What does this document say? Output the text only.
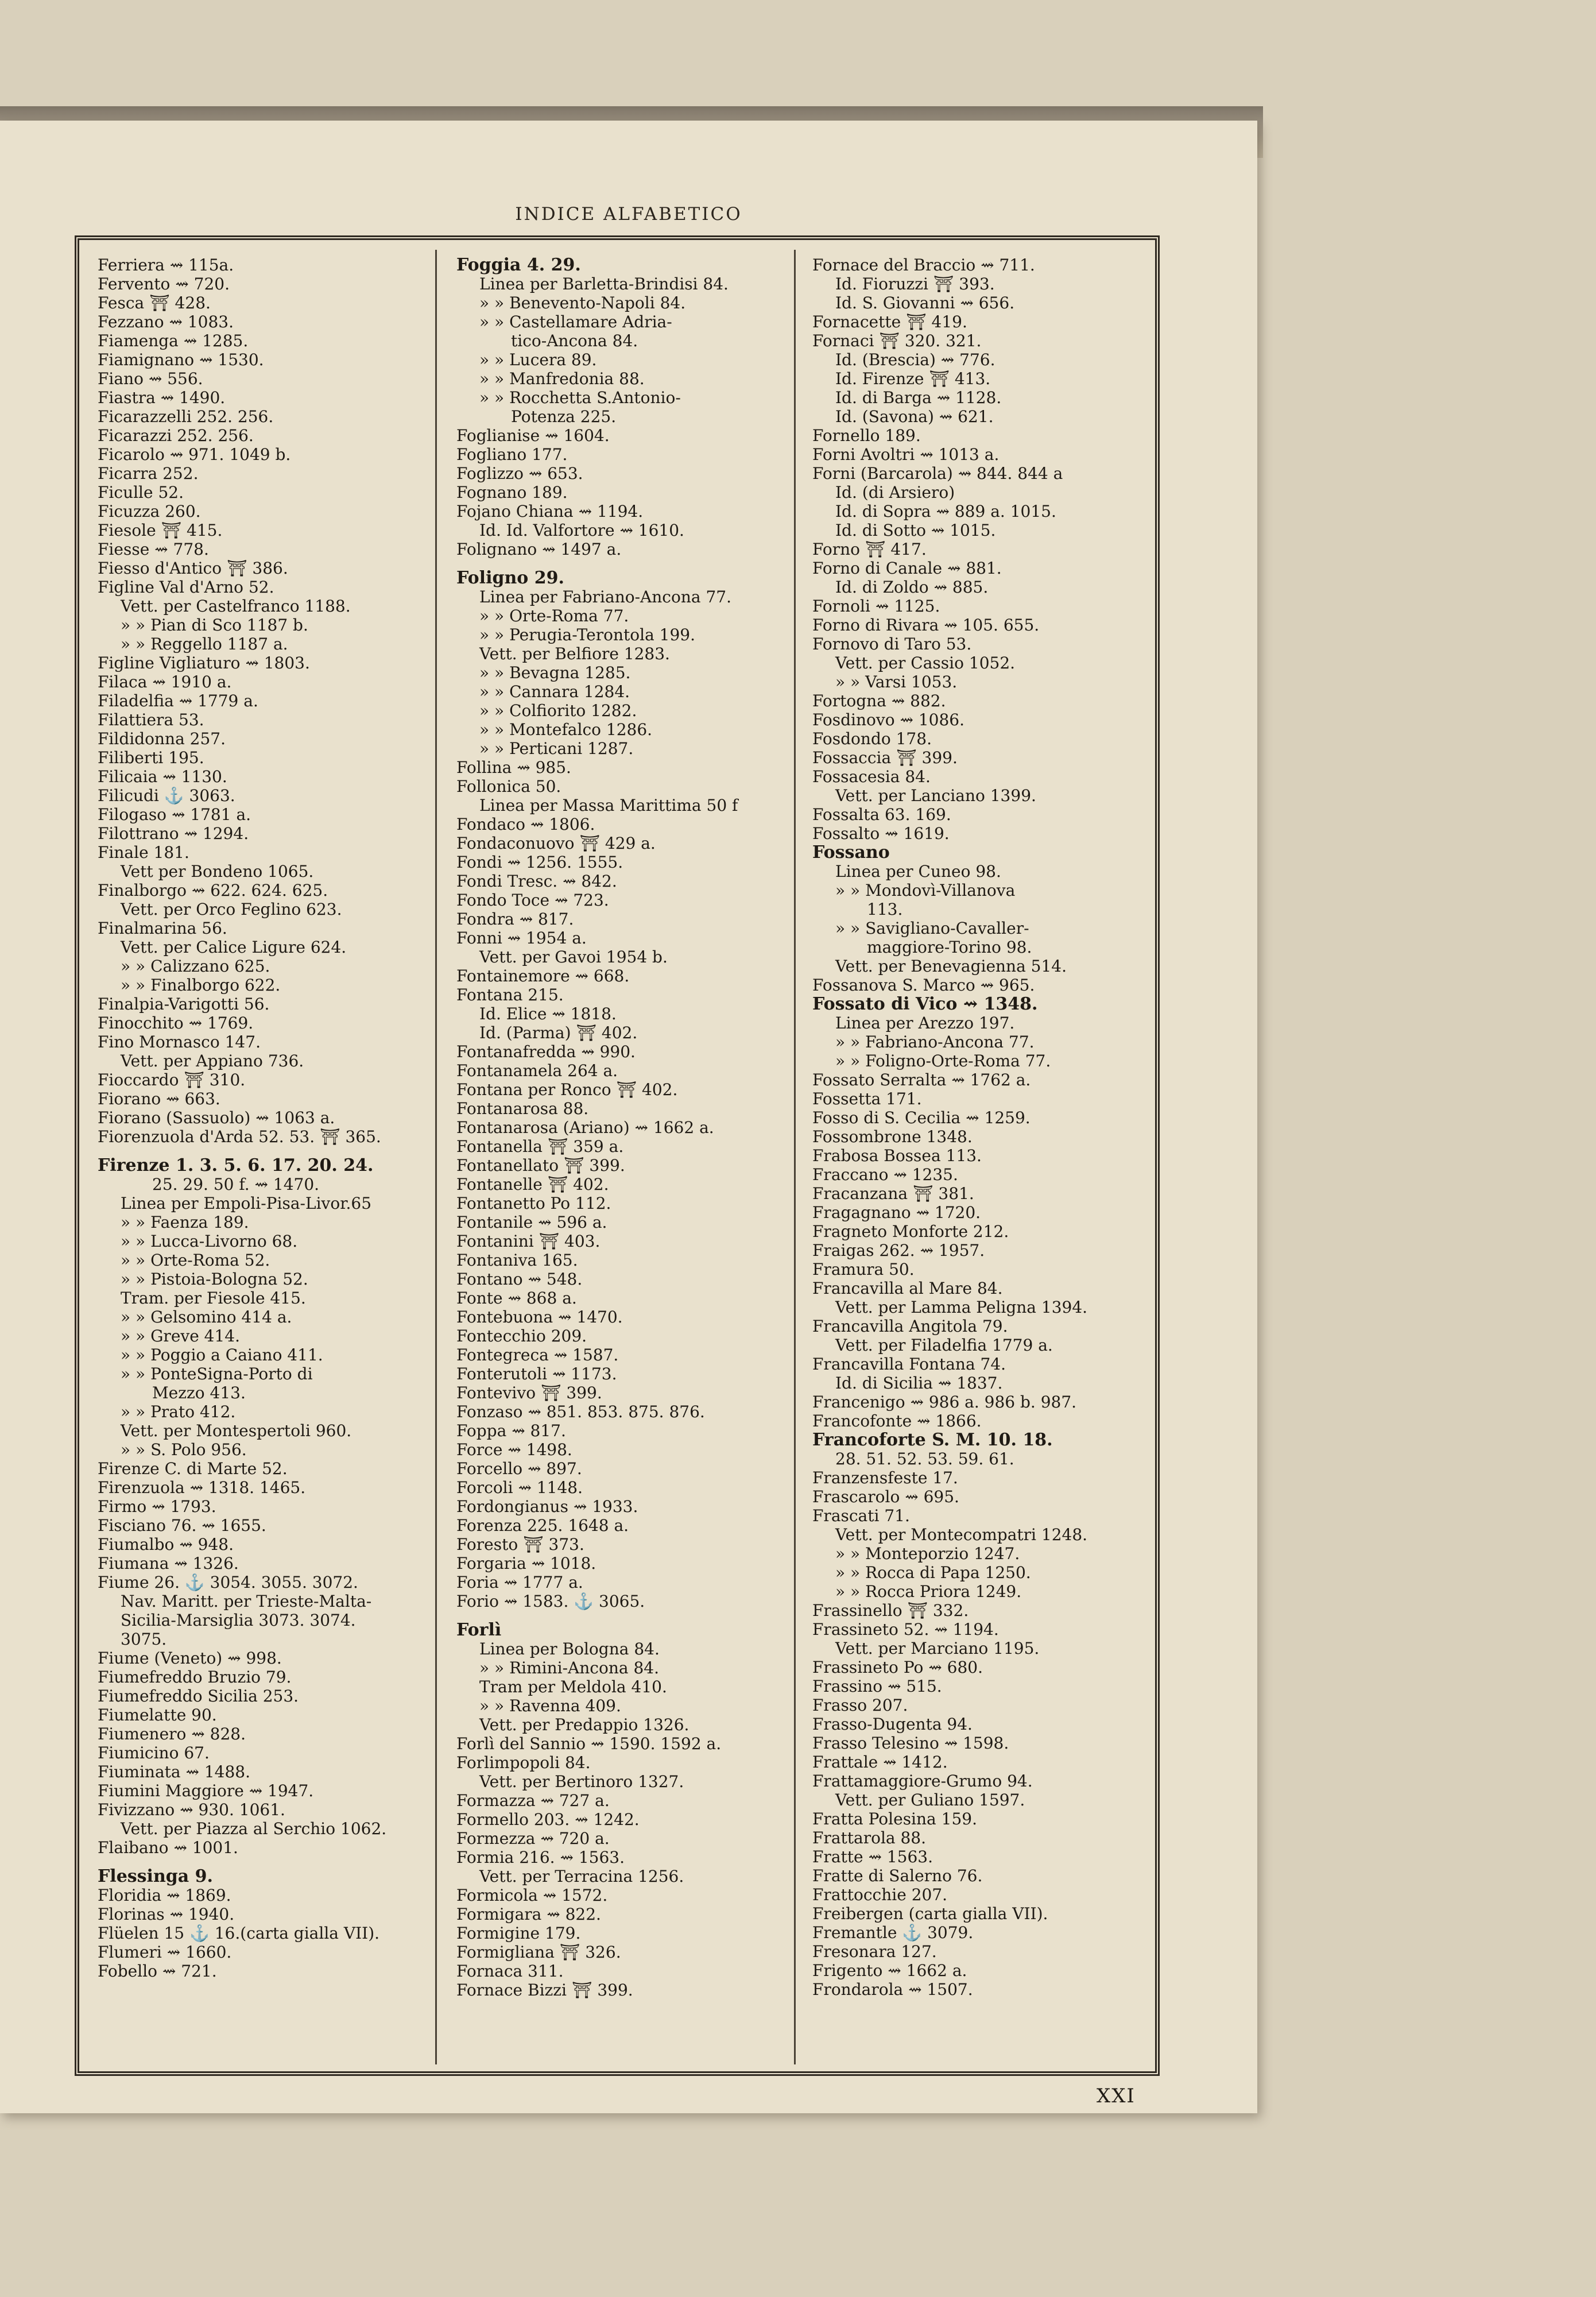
INDICE ALFABETICO
Ferriera ⇝ 115a.
Fervento ⇝ 720.
Fesca ⛩ 428.
Fezzano ⇝ 1083.
Fiamenga ⇝ 1285.
Fiamignano ⇝ 1530.
Fiano ⇝ 556.
Fiastra ⇝ 1490.
Ficarazzelli 252. 256.
Ficarazzi 252. 256.
Ficarolo ⇝ 971. 1049 b.
Ficarra 252.
Ficulle 52.
Ficuzza 260.
Fiesole ⛩ 415.
Fiesse ⇝ 778.
Fiesso d'Antico ⛩ 386.
Figline Val d'Arno 52.
Vett. per Castelfranco 1188.
» » Pian di Sco 1187 b.
» » Reggello 1187 a.
Figline Vigliaturo ⇝ 1803.
Filaca ⇝ 1910 a.
Filadelfia ⇝ 1779 a.
Filattiera 53.
Fildidonna 257.
Filiberti 195.
Filicaia ⇝ 1130.
Filicudi ⚓ 3063.
Filogaso ⇝ 1781 a.
Filottrano ⇝ 1294.
Finale 181.
Vett per Bondeno 1065.
Finalborgo ⇝ 622. 624. 625.
Vett. per Orco Feglino 623.
Finalmarina 56.
Vett. per Calice Ligure 624.
» » Calizzano 625.
» » Finalborgo 622.
Finalpia-Varigotti 56.
Finocchito ⇝ 1769.
Fino Mornasco 147.
Vett. per Appiano 736.
Fioccardo ⛩ 310.
Fiorano ⇝ 663.
Fiorano (Sassuolo) ⇝ 1063 a.
Fiorenzuola d'Arda 52. 53. ⛩ 365.
Firenze 1. 3. 5. 6. 17. 20. 24.
25. 29. 50 f. ⇝ 1470.
Linea per Empoli-Pisa-Livor.65
» » Faenza 189.
» » Lucca-Livorno 68.
» » Orte-Roma 52.
» » Pistoia-Bologna 52.
Tram. per Fiesole 415.
» » Gelsomino 414 a.
» » Greve 414.
» » Poggio a Caiano 411.
» » PonteSigna-Porto di
Mezzo 413.
» » Prato 412.
Vett. per Montespertoli 960.
» » S. Polo 956.
Firenze C. di Marte 52.
Firenzuola ⇝ 1318. 1465.
Firmo ⇝ 1793.
Fisciano 76. ⇝ 1655.
Fiumalbo ⇝ 948.
Fiumana ⇝ 1326.
Fiume 26. ⚓ 3054. 3055. 3072.
Nav. Maritt. per Trieste-Malta-
Sicilia-Marsiglia 3073. 3074.
3075.
Fiume (Veneto) ⇝ 998.
Fiumefreddo Bruzio 79.
Fiumefreddo Sicilia 253.
Fiumelatte 90.
Fiumenero ⇝ 828.
Fiumicino 67.
Fiuminata ⇝ 1488.
Fiumini Maggiore ⇝ 1947.
Fivizzano ⇝ 930. 1061.
Vett. per Piazza al Serchio 1062.
Flaibano ⇝ 1001.
Flessinga 9.
Floridia ⇝ 1869.
Florinas ⇝ 1940.
Flüelen 15 ⚓ 16.(carta gialla VII).
Flumeri ⇝ 1660.
Fobello ⇝ 721.
Foggia 4. 29.
Linea per Barletta-Brindisi 84.
» » Benevento-Napoli 84.
» » Castellamare Adria-
tico-Ancona 84.
» » Lucera 89.
» » Manfredonia 88.
» » Rocchetta S.Antonio-
Potenza 225.
Foglianise ⇝ 1604.
Fogliano 177.
Foglizzo ⇝ 653.
Fognano 189.
Fojano Chiana ⇝ 1194.
Id. Id. Valfortore ⇝ 1610.
Folignano ⇝ 1497 a.
Foligno 29.
Linea per Fabriano-Ancona 77.
» » Orte-Roma 77.
» » Perugia-Terontola 199.
Vett. per Belfiore 1283.
» » Bevagna 1285.
» » Cannara 1284.
» » Colfiorito 1282.
» » Montefalco 1286.
» » Perticani 1287.
Follina ⇝ 985.
Follonica 50.
Linea per Massa Marittima 50 f
Fondaco ⇝ 1806.
Fondaconuovo ⛩ 429 a.
Fondi ⇝ 1256. 1555.
Fondi Tresc. ⇝ 842.
Fondo Toce ⇝ 723.
Fondra ⇝ 817.
Fonni ⇝ 1954 a.
Vett. per Gavoi 1954 b.
Fontainemore ⇝ 668.
Fontana 215.
Id. Elice ⇝ 1818.
Id. (Parma) ⛩ 402.
Fontanafredda ⇝ 990.
Fontanamela 264 a.
Fontana per Ronco ⛩ 402.
Fontanarosa 88.
Fontanarosa (Ariano) ⇝ 1662 a.
Fontanella ⛩ 359 a.
Fontanellato ⛩ 399.
Fontanelle ⛩ 402.
Fontanetto Po 112.
Fontanile ⇝ 596 a.
Fontanini ⛩ 403.
Fontaniva 165.
Fontano ⇝ 548.
Fonte ⇝ 868 a.
Fontebuona ⇝ 1470.
Fontecchio 209.
Fontegreca ⇝ 1587.
Fonterutoli ⇝ 1173.
Fontevivo ⛩ 399.
Fonzaso ⇝ 851. 853. 875. 876.
Foppa ⇝ 817.
Force ⇝ 1498.
Forcello ⇝ 897.
Forcoli ⇝ 1148.
Fordongianus ⇝ 1933.
Forenza 225. 1648 a.
Foresto ⛩ 373.
Forgaria ⇝ 1018.
Foria ⇝ 1777 a.
Forio ⇝ 1583. ⚓ 3065.
Forlì
Linea per Bologna 84.
» » Rimini-Ancona 84.
Tram per Meldola 410.
» » Ravenna 409.
Vett. per Predappio 1326.
Forlì del Sannio ⇝ 1590. 1592 a.
Forlimpopoli 84.
Vett. per Bertinoro 1327.
Formazza ⇝ 727 a.
Formello 203. ⇝ 1242.
Formezza ⇝ 720 a.
Formia 216. ⇝ 1563.
Vett. per Terracina 1256.
Formicola ⇝ 1572.
Formigara ⇝ 822.
Formigine 179.
Formigliana ⛩ 326.
Fornaca 311.
Fornace Bizzi ⛩ 399.
Fornace del Braccio ⇝ 711.
Id. Fioruzzi ⛩ 393.
Id. S. Giovanni ⇝ 656.
Fornacette ⛩ 419.
Fornaci ⛩ 320. 321.
Id. (Brescia) ⇝ 776.
Id. Firenze ⛩ 413.
Id. di Barga ⇝ 1128.
Id. (Savona) ⇝ 621.
Fornello 189.
Forni Avoltri ⇝ 1013 a.
Forni (Barcarola) ⇝ 844. 844 a
Id. (di Arsiero)
Id. di Sopra ⇝ 889 a. 1015.
Id. di Sotto ⇝ 1015.
Forno ⛩ 417.
Forno di Canale ⇝ 881.
Id. di Zoldo ⇝ 885.
Fornoli ⇝ 1125.
Forno di Rivara ⇝ 105. 655.
Fornovo di Taro 53.
Vett. per Cassio 1052.
» » Varsi 1053.
Fortogna ⇝ 882.
Fosdinovo ⇝ 1086.
Fosdondo 178.
Fossaccia ⛩ 399.
Fossacesia 84.
Vett. per Lanciano 1399.
Fossalta 63. 169.
Fossalto ⇝ 1619.
Fossano
Linea per Cuneo 98.
» » Mondovì-Villanova
113.
» » Savigliano-Cavaller-
maggiore-Torino 98.
Vett. per Benevagienna 514.
Fossanova S. Marco ⇝ 965.
Fossato di Vico ⇝ 1348.
Linea per Arezzo 197.
» » Fabriano-Ancona 77.
» » Foligno-Orte-Roma 77.
Fossato Serralta ⇝ 1762 a.
Fossetta 171.
Fosso di S. Cecilia ⇝ 1259.
Fossombrone 1348.
Frabosa Bossea 113.
Fraccano ⇝ 1235.
Fracanzana ⛩ 381.
Fragagnano ⇝ 1720.
Fragneto Monforte 212.
Fraigas 262. ⇝ 1957.
Framura 50.
Francavilla al Mare 84.
Vett. per Lamma Peligna 1394.
Francavilla Angitola 79.
Vett. per Filadelfia 1779 a.
Francavilla Fontana 74.
Id. di Sicilia ⇝ 1837.
Francenigo ⇝ 986 a. 986 b. 987.
Francofonte ⇝ 1866.
Francoforte S. M. 10. 18.
28. 51. 52. 53. 59. 61.
Franzensfeste 17.
Frascarolo ⇝ 695.
Frascati 71.
Vett. per Montecompatri 1248.
» » Monteporzio 1247.
» » Rocca di Papa 1250.
» » Rocca Priora 1249.
Frassinello ⛩ 332.
Frassineto 52. ⇝ 1194.
Vett. per Marciano 1195.
Frassineto Po ⇝ 680.
Frassino ⇝ 515.
Frasso 207.
Frasso-Dugenta 94.
Frasso Telesino ⇝ 1598.
Frattale ⇝ 1412.
Frattamaggiore-Grumo 94.
Vett. per Guliano 1597.
Fratta Polesina 159.
Frattarola 88.
Fratte ⇝ 1563.
Fratte di Salerno 76.
Frattocchie 207.
Freibergen (carta gialla VII).
Fremantle ⚓ 3079.
Fresonara 127.
Frigento ⇝ 1662 a.
Frondarola ⇝ 1507.
XXI
